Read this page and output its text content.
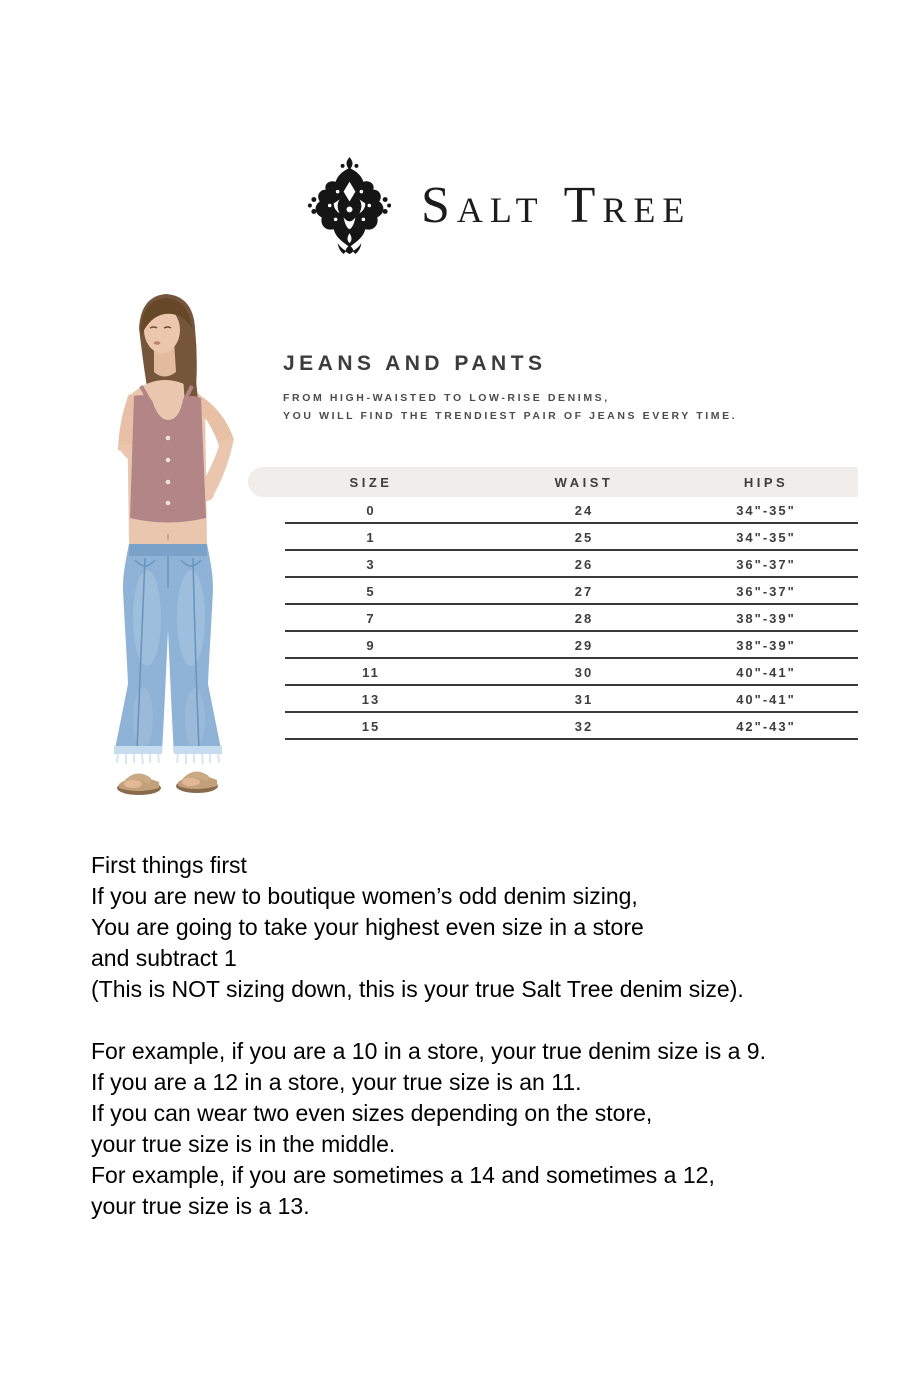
Salt Tree
JEANS AND PANTS
FROM HIGH-WAISTED TO LOW-RISE DENIMS,
YOU WILL FIND THE TRENDIEST PAIR OF JEANS EVERY TIME.
SIZE	WAIST	HIPS
0	24	34"-35"
1	25	34"-35"
3	26	36"-37"
5	27	36"-37"
7	28	38"-39"
9	29	38"-39"
11	30	40"-41"
13	31	40"-41"
15	32	42"-43"
First things first
If you are new to boutique women’s odd denim sizing,
You are going to take your highest even size in a store
and subtract 1
(This is NOT sizing down, this is your true Salt Tree denim size).
For example, if you are a 10 in a store, your true denim size is a 9.
If you are a 12 in a store, your true size is an 11.
If you can wear two even sizes depending on the store,
your true size is in the middle.
For example, if you are sometimes a 14 and sometimes a 12,
your true size is a 13.
